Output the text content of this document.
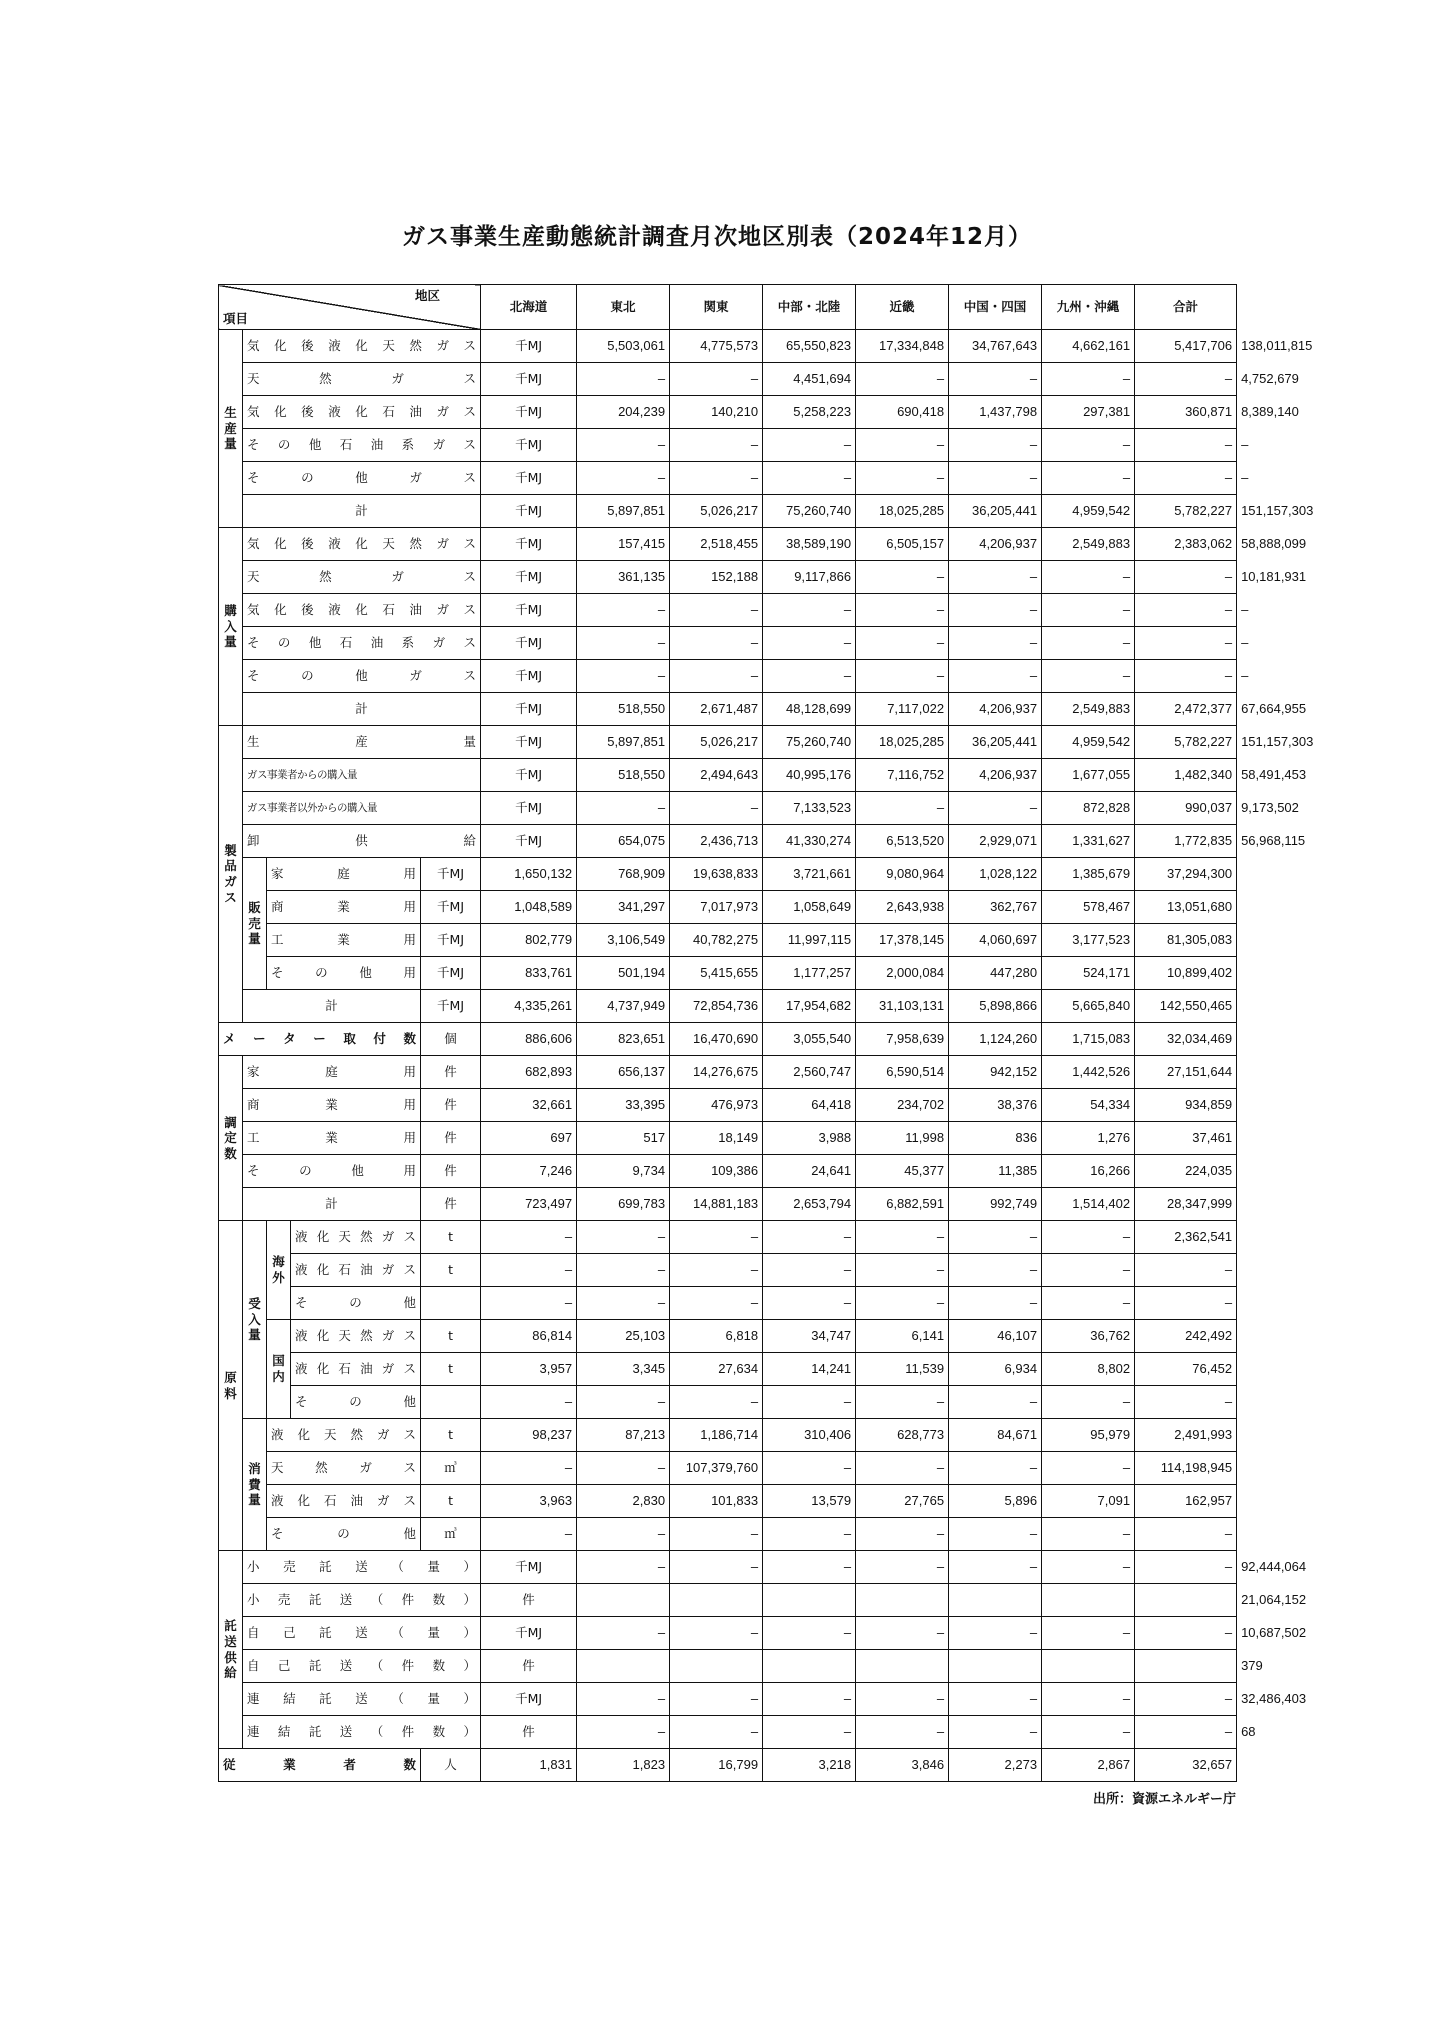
ガス事業生産動態統計調査月次地区別表（2024年12月）
地区
項目					北海道	東北	関東	中部・北陸	近畿	中国・四国	九州・沖縄	合計	
生産量	気化後液化天然ガス				千MJ	5,503,061	4,775,573	65,550,823	17,334,848	34,767,643	4,662,161	5,417,706	138,011,815
	天然ガス				千MJ	–	–	4,451,694	–	–	–	–	4,752,679
	気化後液化石油ガス				千MJ	204,239	140,210	5,258,223	690,418	1,437,798	297,381	360,871	8,389,140
	その他石油系ガス				千MJ	–	–	–	–	–	–	–	–
	その他ガス				千MJ	–	–	–	–	–	–	–	–
	計				千MJ	5,897,851	5,026,217	75,260,740	18,025,285	36,205,441	4,959,542	5,782,227	151,157,303
購入量	気化後液化天然ガス				千MJ	157,415	2,518,455	38,589,190	6,505,157	4,206,937	2,549,883	2,383,062	58,888,099
	天然ガス				千MJ	361,135	152,188	9,117,866	–	–	–	–	10,181,931
	気化後液化石油ガス				千MJ	–	–	–	–	–	–	–	–
	その他石油系ガス				千MJ	–	–	–	–	–	–	–	–
	その他ガス				千MJ	–	–	–	–	–	–	–	–
	計				千MJ	518,550	2,671,487	48,128,699	7,117,022	4,206,937	2,549,883	2,472,377	67,664,955
製品ガス	生産量				千MJ	5,897,851	5,026,217	75,260,740	18,025,285	36,205,441	4,959,542	5,782,227	151,157,303
	ガス事業者からの購入量				千MJ	518,550	2,494,643	40,995,176	7,116,752	4,206,937	1,677,055	1,482,340	58,491,453
	ガス事業者以外からの購入量				千MJ	–	–	7,133,523	–	–	872,828	990,037	9,173,502
	卸供給				千MJ	654,075	2,436,713	41,330,274	6,513,520	2,929,071	1,331,627	1,772,835	56,968,115
	販売量	家庭用		千MJ	1,650,132	768,909	19,638,833	3,721,661	9,080,964	1,028,122	1,385,679	37,294,300	
		商業用		千MJ	1,048,589	341,297	7,017,973	1,058,649	2,643,938	362,767	578,467	13,051,680	
		工業用		千MJ	802,779	3,106,549	40,782,275	11,997,115	17,378,145	4,060,697	3,177,523	81,305,083	
		その他用		千MJ	833,761	501,194	5,415,655	1,177,257	2,000,084	447,280	524,171	10,899,402	
	計			千MJ	4,335,261	4,737,949	72,854,736	17,954,682	31,103,131	5,898,866	5,665,840	142,550,465	
メーター取付数				個	886,606	823,651	16,470,690	3,055,540	7,958,639	1,124,260	1,715,083	32,034,469	
調定数	家庭用			件	682,893	656,137	14,276,675	2,560,747	6,590,514	942,152	1,442,526	27,151,644	
	商業用			件	32,661	33,395	476,973	64,418	234,702	38,376	54,334	934,859	
	工業用			件	697	517	18,149	3,988	11,998	836	1,276	37,461	
	その他用			件	7,246	9,734	109,386	24,641	45,377	11,385	16,266	224,035	
	計			件	723,497	699,783	14,881,183	2,653,794	6,882,591	992,749	1,514,402	28,347,999	
原料	受入量	海外	液化天然ガス	t	–	–	–	–	–	–	–	2,362,541	
			液化石油ガス	t	–	–	–	–	–	–	–	–	
			その他		–	–	–	–	–	–	–	–	
		国内	液化天然ガス	t	86,814	25,103	6,818	34,747	6,141	46,107	36,762	242,492	
			液化石油ガス	t	3,957	3,345	27,634	14,241	11,539	6,934	8,802	76,452	
			その他		–	–	–	–	–	–	–	–	
	消費量	液化天然ガス		t	98,237	87,213	1,186,714	310,406	628,773	84,671	95,979	2,491,993	
		天然ガス		㎥	–	–	107,379,760	–	–	–	–	114,198,945	
		液化石油ガス		t	3,963	2,830	101,833	13,579	27,765	5,896	7,091	162,957	
		その他		㎥	–	–	–	–	–	–	–	–	
託送供給	小売託送（量）				千MJ	–	–	–	–	–	–	–	92,444,064
	小売託送（件数）				件								21,064,152
	自己託送（量）				千MJ	–	–	–	–	–	–	–	10,687,502
	自己託送（件数）				件								379
	連結託送（量）				千MJ	–	–	–	–	–	–	–	32,486,403
	連結託送（件数）				件	–	–	–	–	–	–	–	68
従業者数				人	1,831	1,823	16,799	3,218	3,846	2,273	2,867	32,657	
出所：資源エネルギー庁
